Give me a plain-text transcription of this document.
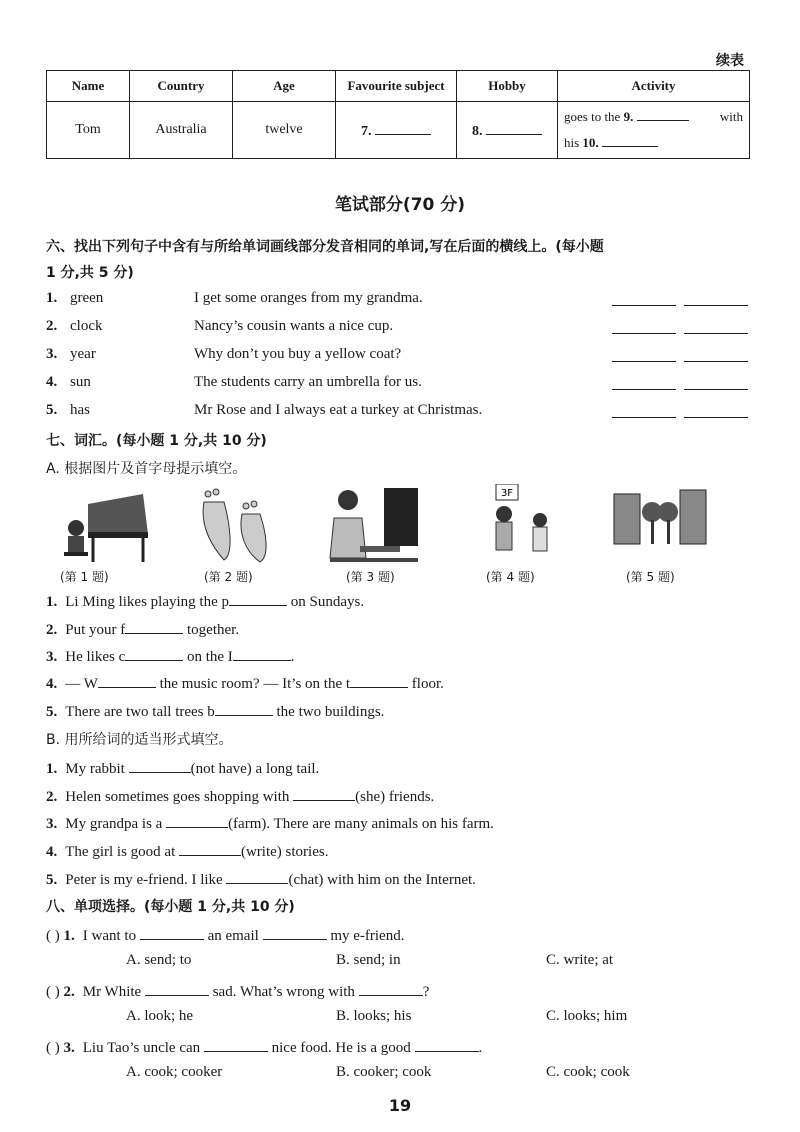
续表
Name	Country	Age	Favourite subject	Hobby	Activity
Tom	Australia	twelve	7.	8.	goes to the 9. with

his 10.
笔试部分(70 分)
六、找出下列句子中含有与所给单词画线部分发音相同的单词,写在后面的横线上。(每小题
1 分,共 5 分)
1. green	I get some oranges from my grandma.

2. clock	Nancy’s cousin wants a nice cup.

3. year	Why don’t you buy a yellow coat?

4. sun	The students carry an umbrella for us.

5. has	Mr Rose and I always eat a turkey at Christmas.

七、词汇。(每小题 1 分,共 10 分)
A. 根据图片及首字母提示填空。
3F
(第 1 题)	(第 2 题)	(第 3 题)	(第 4 题)	(第 5 题)
1. Li Ming likes playing the p	on Sundays.
2. Put your f	together.
3. He likes c	on the I	.
4. — W	the music room? — It’s on the t	floor.
5. There are two tall trees b	the two buildings.
B. 用所给词的适当形式填空。
1. My rabbit	(not have) a long tail.
2. Helen sometimes goes shopping with	(she) friends.
3. My grandpa is a	(farm). There are many animals on his farm.
4. The girl is good at	(write) stories.
5. Peter is my e-friend. I like	(chat) with him on the Internet.
八、单项选择。(每小题 1 分,共 10 分)
( ) 1. I want to	an email	my e-friend.
A. send; to	B. send; in	C. write; at
( ) 2. Mr White	sad. What’s wrong with	?
A. look; he	B. looks; his	C. looks; him
( ) 3. Liu Tao’s uncle can	nice food. He is a good	.
A. cook; cooker	B. cooker; cook	C. cook; cook
19
